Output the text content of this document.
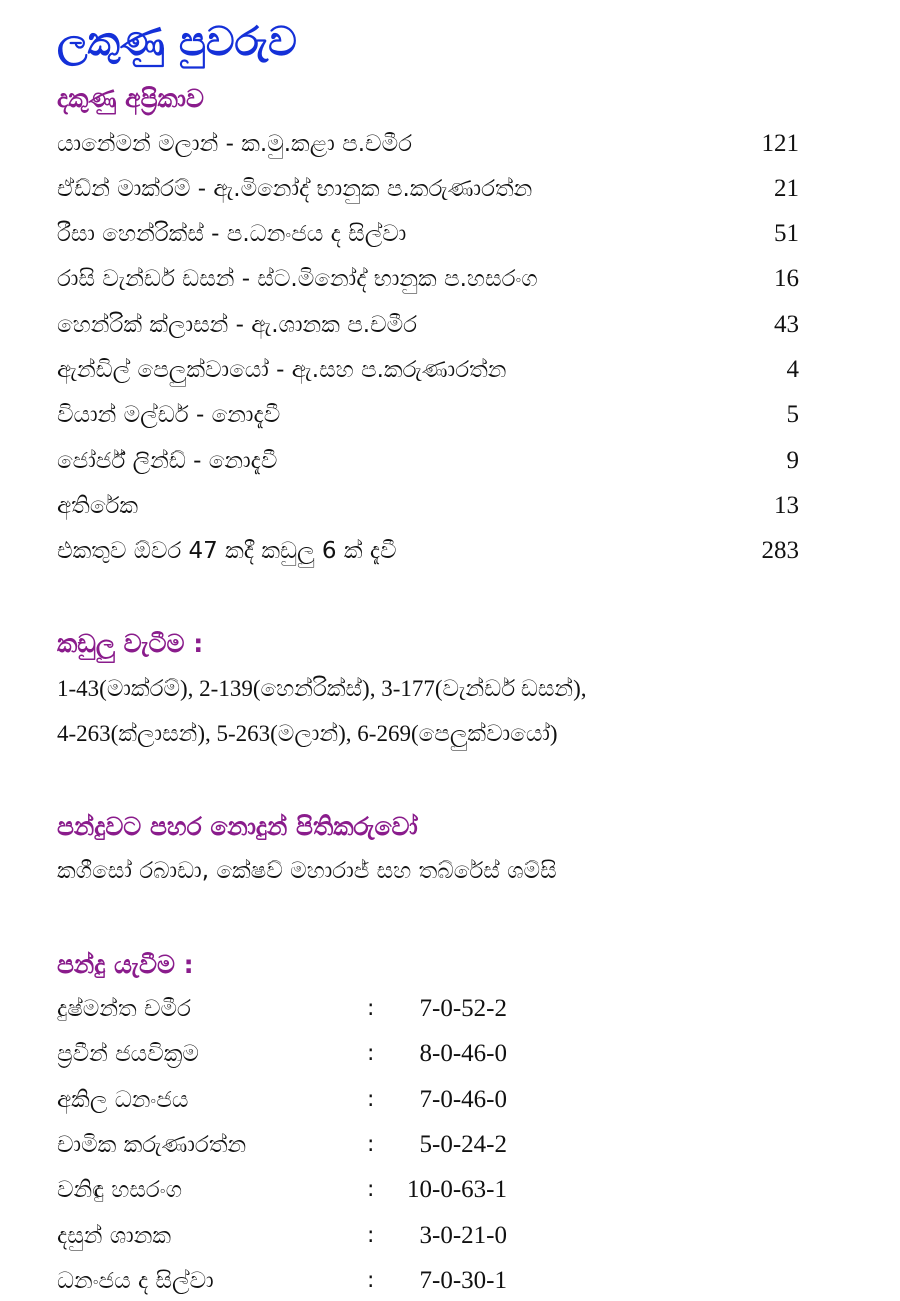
ලකුණු පුවරුව
දකුණු අප්‍රිකාව
යානේමන් මලාන් - ක.මු.කළා ප.චමීර	121
ඒඩ්න් මාක්රම් - ඇ.මිනෝද් භානුක ප.කරුණාරත්න	21
රීසා හෙන්රික්ස් - ප.ධනංජය ද සිල්වා	51
රාසි වැන්ඩර් ඩසන් - ස්ට.මිනෝද් භානුක ප.හසරංග	16
හෙන්රික් ක්ලාසන් - ඇ.ශානක ප.චමීර	43
ඇන්ඩිල් පෙලුක්වායෝ - ඇ.සහ ප.කරුණාරත්න	4
වියාන් මල්ඩර් - නොදැවී	5
ජෝර්ජ් ලින්ඩ් - නොදැවී	9
අතිරේක	13
එකතුව ඕවර 47 කදී කඩුලු 6 ක් දැවී	283
කඩුලු වැටීම :
1-43(මාක්රම්), 2-139(හෙන්රික්ස්), 3-177(වැන්ඩර් ඩසන්),
4-263(ක්ලාසන්), 5-263(මලාන්), 6-269(පෙලුක්වායෝ)
පන්දුවට පහර නොදුන් පිතිකරුවෝ
කගීසෝ රබාඩා, කේෂව් මහාරාජ් සහ තබ්රේස් ශම්සි
පන්දු යැවීම :
දුෂ්මන්ත චමීර	:	7-0-52-2
ප්‍රවීන් ජයවික්‍රම	:	8-0-46-0
අකිල ධනංජය	:	7-0-46-0
චාමික කරුණාරත්න	:	5-0-24-2
වනිඳු හසරංග	:	10-0-63-1
දසුන් ශානක	:	3-0-21-0
ධනංජය ද සිල්වා	:	7-0-30-1
